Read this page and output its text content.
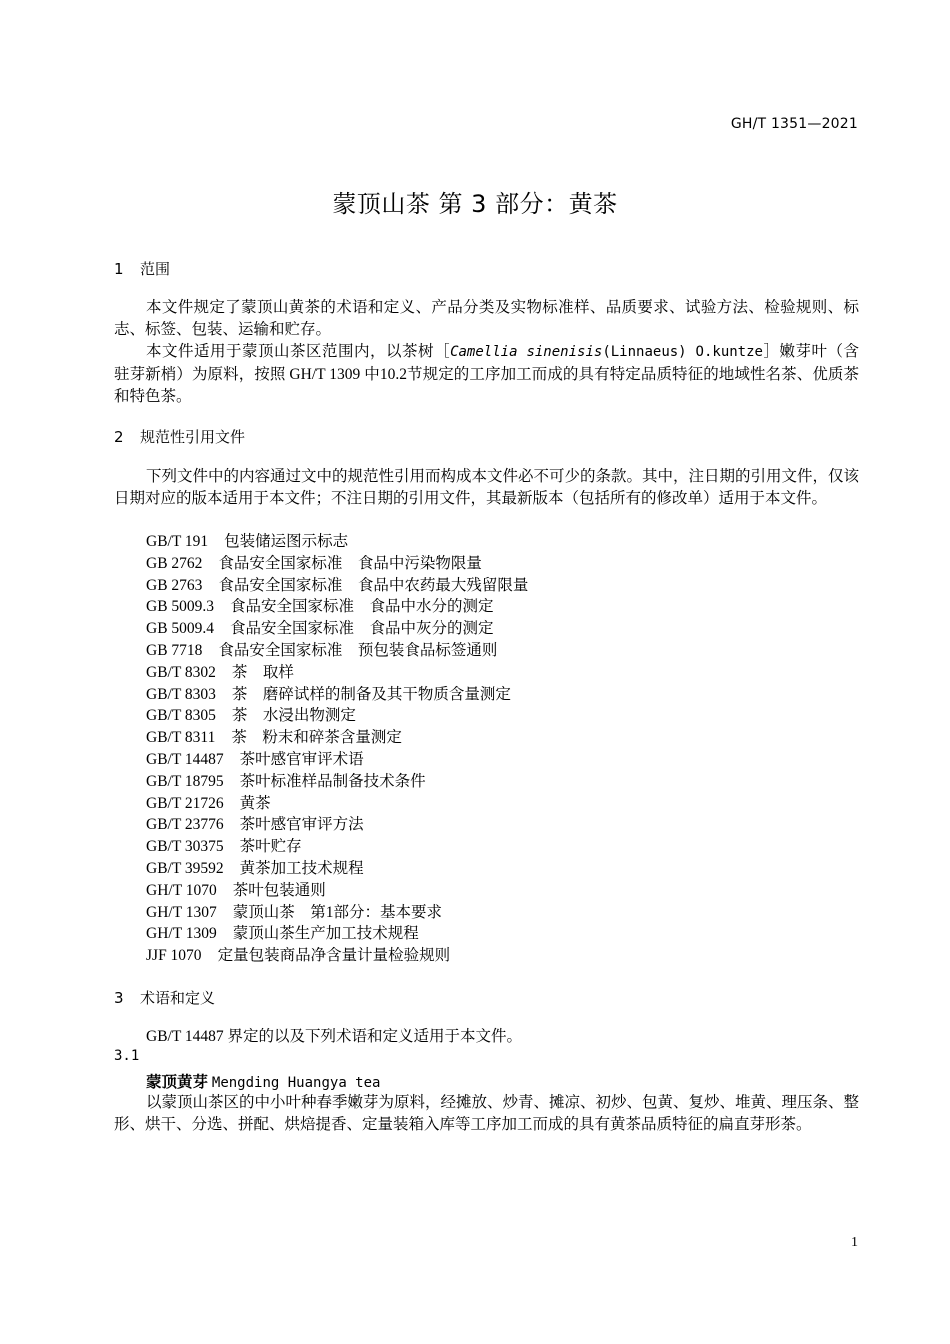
GH/T 1351—2021
蒙顶山茶 第 3 部分：黄茶
1 范围
本文件规定了蒙顶山黄茶的术语和定义、产品分类及实物标准样、品质要求、试验方法、检验规则、标志、标签、包装、运输和贮存。
本文件适用于蒙顶山茶区范围内，以茶树［Camellia sinenisis(Linnaeus) O.kuntze］嫩芽叶（含驻芽新梢）为原料，按照 GH/T 1309 中10.2节规定的工序加工而成的具有特定品质特征的地域性名茶、优质茶和特色茶。
2 规范性引用文件
下列文件中的内容通过文中的规范性引用而构成本文件必不可少的条款。其中，注日期的引用文件，仅该日期对应的版本适用于本文件；不注日期的引用文件，其最新版本（包括所有的修改单）适用于本文件。
GB/T 191 包装储运图示标志
GB 2762 食品安全国家标准　食品中污染物限量
GB 2763 食品安全国家标准　食品中农药最大残留限量
GB 5009.3 食品安全国家标准　食品中水分的测定
GB 5009.4 食品安全国家标准　食品中灰分的测定
GB 7718 食品安全国家标准　预包装食品标签通则
GB/T 8302 茶　取样
GB/T 8303 茶　磨碎试样的制备及其干物质含量测定
GB/T 8305 茶　水浸出物测定
GB/T 8311 茶　粉末和碎茶含量测定
GB/T 14487 茶叶感官审评术语
GB/T 18795 茶叶标准样品制备技术条件
GB/T 21726 黄茶
GB/T 23776 茶叶感官审评方法
GB/T 30375 茶叶贮存
GB/T 39592 黄茶加工技术规程
GH/T 1070 茶叶包装通则
GH/T 1307 蒙顶山茶　第1部分：基本要求
GH/T 1309 蒙顶山茶生产加工技术规程
JJF 1070 定量包装商品净含量计量检验规则
3 术语和定义
GB/T 14487 界定的以及下列术语和定义适用于本文件。
3.1
蒙顶黄芽 Mengding Huangya tea
以蒙顶山茶区的中小叶种春季嫩芽为原料，经摊放、炒青、摊凉、初炒、包黄、复炒、堆黄、理压条、整形、烘干、分选、拼配、烘焙提香、定量装箱入库等工序加工而成的具有黄茶品质特征的扁直芽形茶。
1
